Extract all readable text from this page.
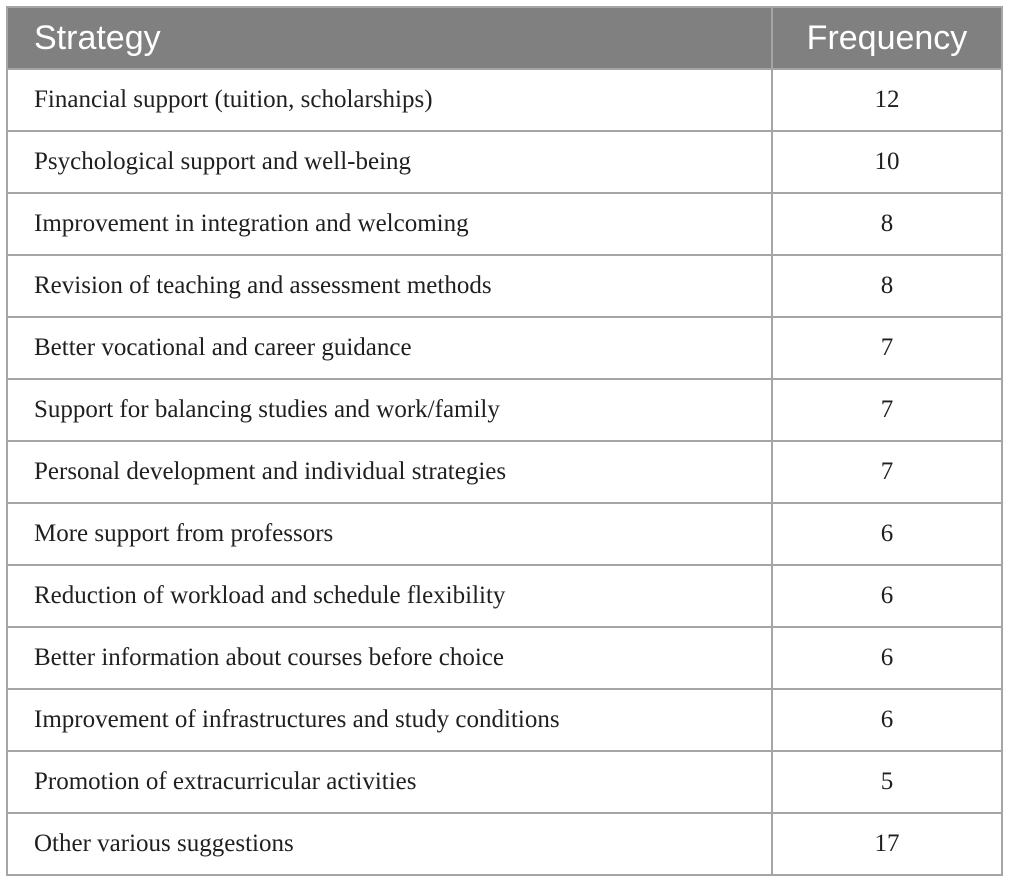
Strategy	Frequency
Financial support (tuition, scholarships)	12
Psychological support and well-being	10
Improvement in integration and welcoming	8
Revision of teaching and assessment methods	8
Better vocational and career guidance	7
Support for balancing studies and work/family	7
Personal development and individual strategies	7
More support from professors	6
Reduction of workload and schedule flexibility	6
Better information about courses before choice	6
Improvement of infrastructures and study conditions	6
Promotion of extracurricular activities	5
Other various suggestions	17
